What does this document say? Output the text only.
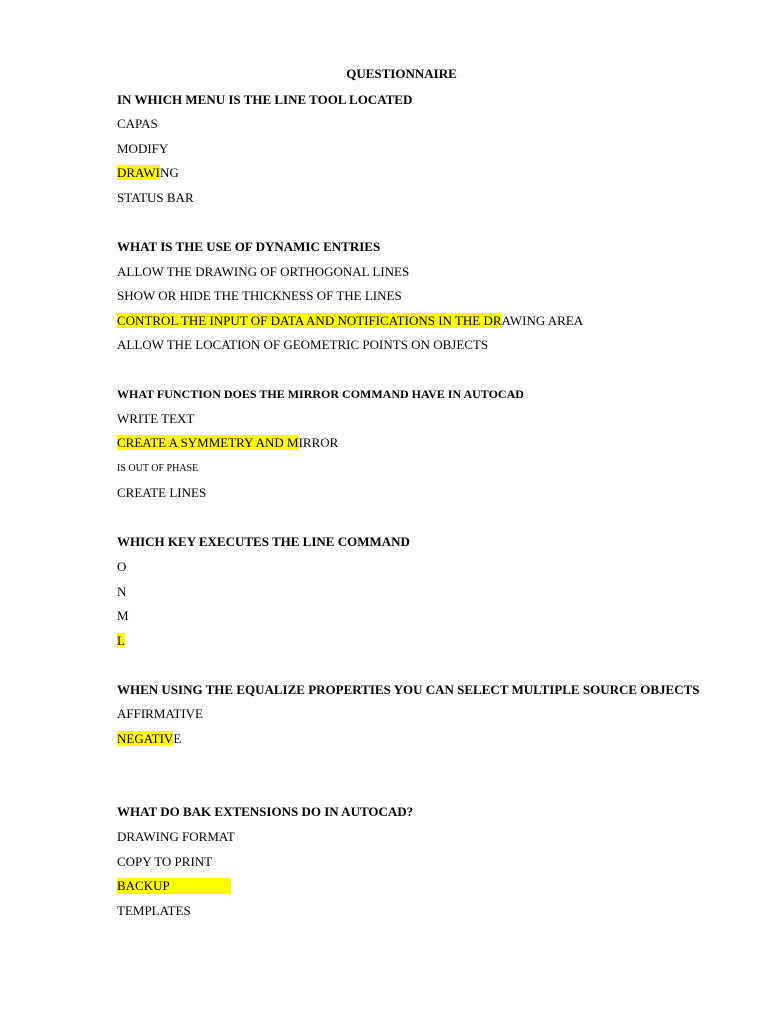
QUESTIONNAIRE
IN WHICH MENU IS THE LINE TOOL LOCATED
CAPAS
MODIFY
DRAWING
STATUS BAR
WHAT IS THE USE OF DYNAMIC ENTRIES
ALLOW THE DRAWING OF ORTHOGONAL LINES
SHOW OR HIDE THE THICKNESS OF THE LINES
CONTROL THE INPUT OF DATA AND NOTIFICATIONS IN THE DRAWING AREA
ALLOW THE LOCATION OF GEOMETRIC POINTS ON OBJECTS
WHAT FUNCTION DOES THE MIRROR COMMAND HAVE IN AUTOCAD
WRITE TEXT
CREATE A SYMMETRY AND MIRROR
IS OUT OF PHASE
CREATE LINES
WHICH KEY EXECUTES THE LINE COMMAND
O
N
M
L
WHEN USING THE EQUALIZE PROPERTIES YOU CAN SELECT MULTIPLE SOURCE OBJECTS
AFFIRMATIVE
NEGATIVE
WHAT DO BAK EXTENSIONS DO IN AUTOCAD?
DRAWING FORMAT
COPY TO PRINT
BACKUP
TEMPLATES
